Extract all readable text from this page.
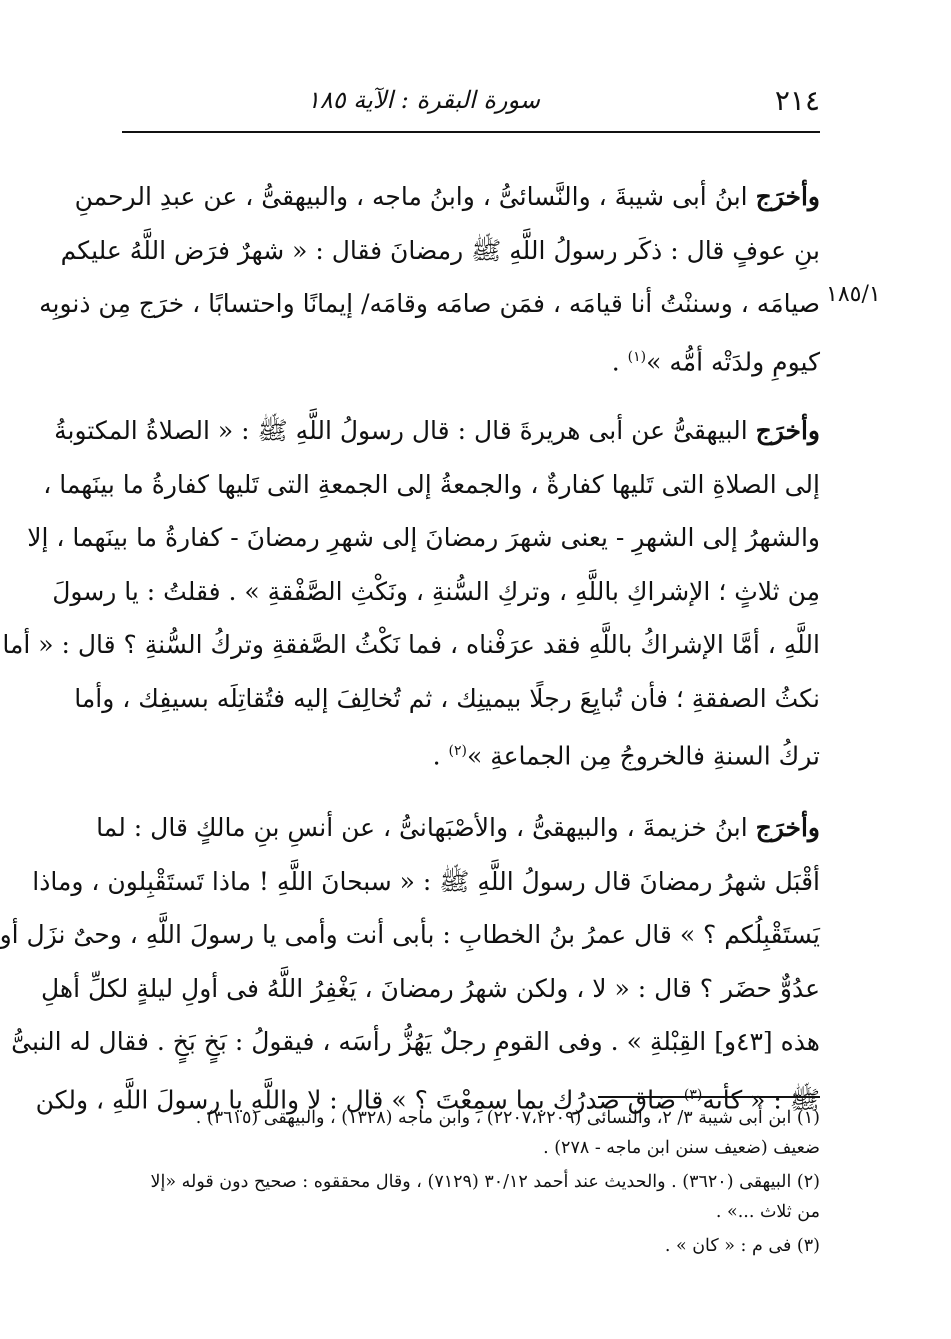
٢١٤
سورة البقرة : الآية ١٨٥
١٨٥/١

وأخرَج ابنُ أبى شيبةَ ، والنَّسائىُّ ، وابنُ ماجه ، والبيهقىُّ ، عن عبدِ الرحمنِ
بنِ عوفٍ قال : ذكَر رسولُ اللَّهِ ﷺ رمضانَ فقال : « شهرٌ فرَض اللَّهُ عليكم
صيامَه ، وسننْتُ أنا قيامَه ، فمَن صامَه وقامَه/ إيمانًا واحتسابًا ، خرَج مِن ذنوبِه
كيومِ ولدَتْه أمُّه »$^{(١)}$ .

وأخرَج البيهقىُّ عن أبى هريرةَ قال : قال رسولُ اللَّهِ ﷺ : « الصلاةُ المكتوبةُ
إلى الصلاةِ التى تَليها كفارةٌ ، والجمعةُ إلى الجمعةِ التى تَليها كفارةُ ما بينَهما ،
والشهرُ إلى الشهرِ - يعنى شهرَ رمضانَ إلى شهرِ رمضانَ - كفارةُ ما بينَهما ، إلا
مِن ثلاثٍ ؛ الإشراكِ باللَّهِ ، وتركِ السُّنةِ ، ونَكْثِ الصَّفْقةِ » . فقلتُ : يا رسولَ
اللَّهِ ، أمَّا الإشراكُ باللَّهِ فقد عرَفْناه ، فما نَكْثُ الصَّفقةِ وتركُ السُّنةِ ؟ قال : « أما
نكثُ الصفقةِ ؛ فأن تُبايِعَ رجلًا بيمينِك ، ثم تُخالِفَ إليه فتُقاتِلَه بسيفِك ، وأما
تركُ السنةِ فالخروجُ مِن الجماعةِ »$^{(٢)}$ .

وأخرَج ابنُ خزيمةَ ، والبيهقىُّ ، والأصْبَهانىُّ ، عن أنسِ بنِ مالكٍ قال : لما
أقْبَل شهرُ رمضانَ قال رسولُ اللَّهِ ﷺ : « سبحانَ اللَّهِ ! ماذا تَستَقْبِلون ، وماذا
يَستَقْبِلُكم ؟ » قال عمرُ بنُ الخطابِ : بأبى أنت وأمى يا رسولَ اللَّهِ ، وحىٌ نزَل أو
عدُوٌّ حضَر ؟ قال : « لا ، ولكن شهرُ رمضانَ ، يَغْفِرُ اللَّهُ فى أولِ ليلةٍ لكلِّ أهلِ
هذه [٤٣و] القِبْلةِ » . وفى القومِ رجلٌ يَهُزُّ رأسَه ، فيقولُ : بَخٍ بَخٍ . فقال له النبىُّ
ﷺ : « كأنه$^{(٣)}$ ضاق صدرُك بما سمِعْتَ ؟ » قال : لا واللَّهِ يا رسولَ اللَّهِ ، ولكن

(١) ابن أبى شيبة ٣/ ٢، والنسائى (٢٢٠٧،٢٢٠٩) ، وابن ماجه (١٣٢٨) ، والبيهقى (٣٦١٥) .
ضعيف (ضعيف سنن ابن ماجه - ٢٧٨) .
(٢) البيهقى (٣٦٢٠) . والحديث عند أحمد ٣٠/١٢ (٧١٢٩) ، وقال محققوه : صحيح دون قوله «إلا
من ثلاث ...» .
(٣) فى م : « كان » .
